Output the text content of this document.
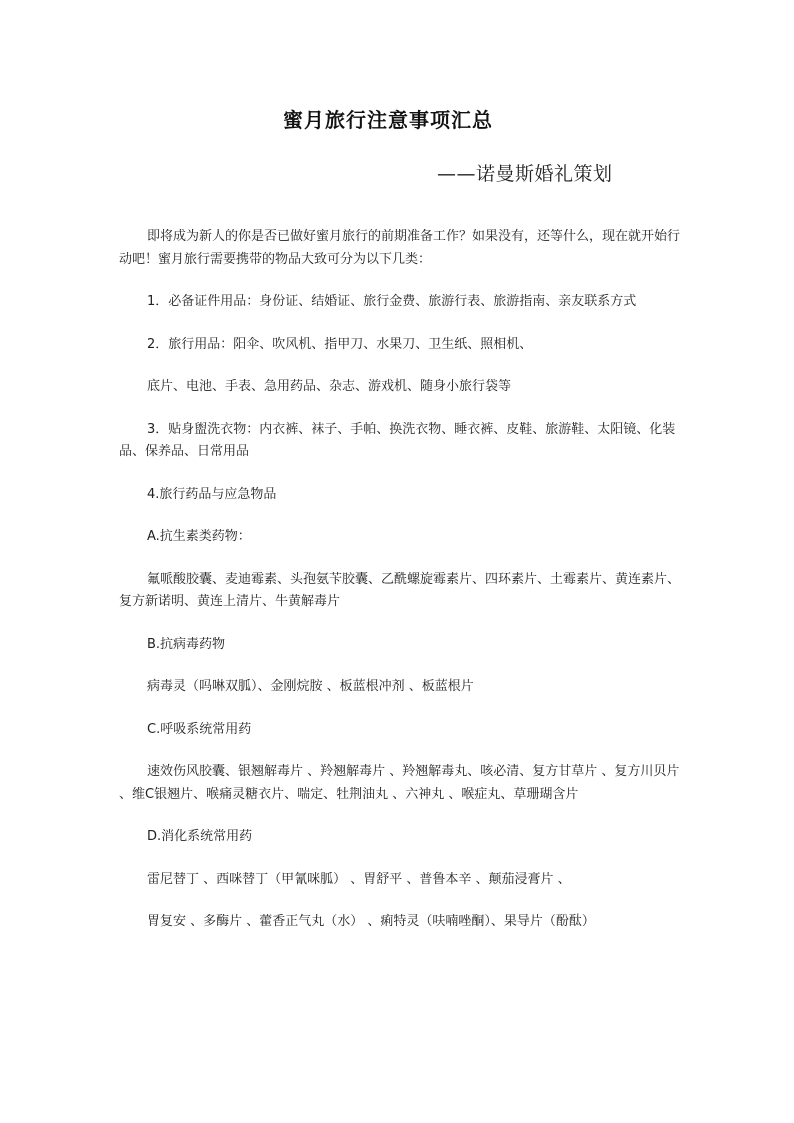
蜜月旅行注意事项汇总

——诺曼斯婚礼策划

即将成为新人的你是否已做好蜜月旅行的前期准备工作？如果没有，还等什么，现在就开始行动吧！蜜月旅行需要携带的物品大致可分为以下几类：

1．必备证件用品：身份证、结婚证、旅行金费、旅游行表、旅游指南、亲友联系方式

2．旅行用品：阳伞、吹风机、指甲刀、水果刀、卫生纸、照相机、

底片、电池、手表、急用药品、杂志、游戏机、随身小旅行袋等

3．贴身盥洗衣物：内衣裤、袜子、手帕、换洗衣物、睡衣裤、皮鞋、旅游鞋、太阳镜、化装品、保养品、日常用品

4.旅行药品与应急物品

A.抗生素类药物：

氟哌酸胶囊、麦迪霉素、头孢氨苄胶囊、乙酰螺旋霉素片、四环素片、土霉素片、黄连素片、复方新诺明、黄连上清片、牛黄解毒片

B.抗病毒药物

病毒灵（吗啉双胍）、金刚烷胺 、板蓝根冲剂 、板蓝根片

C.呼吸系统常用药

速效伤风胶囊、银翘解毒片 、羚翘解毒片 、羚翘解毒丸、咳必清、复方甘草片 、复方川贝片 、维C银翘片、喉痛灵糖衣片、喘定、牡荆油丸 、六神丸 、喉症丸、草珊瑚含片

D.消化系统常用药

雷尼替丁 、西咪替丁（甲氰咪胍） 、胃舒平 、普鲁本辛 、颠茄浸膏片 、

胃复安 、多酶片 、藿香正气丸（水） 、痢特灵（呋喃唑酮）、果导片（酚酞）
